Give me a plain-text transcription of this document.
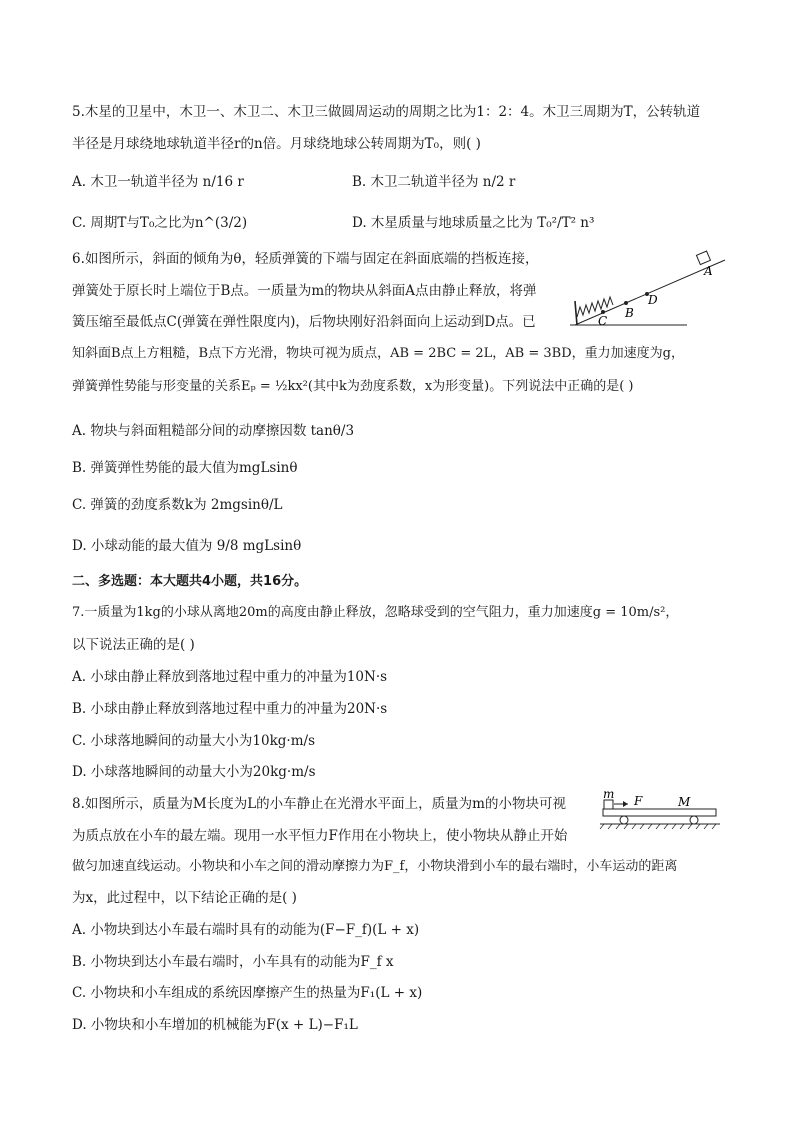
5.木星的卫星中，木卫一、木卫二、木卫三做圆周运动的周期之比为1：2：4。木卫三周期为T，公转轨道
半径是月球绕地球轨道半径r的n倍。月球绕地球公转周期为T₀，则( )
A. 木卫一轨道半径为 n/16 r	B. 木卫二轨道半径为 n/2 r
C. 周期T与T₀之比为n^(3/2)	D. 木星质量与地球质量之比为 T₀²/T² n³
6.如图所示，斜面的倾角为θ，轻质弹簧的下端与固定在斜面底端的挡板连接，
弹簧处于原长时上端位于B点。一质量为m的物块从斜面A点由静止释放，将弹
簧压缩至最低点C(弹簧在弹性限度内)，后物块刚好沿斜面向上运动到D点。已
知斜面B点上方粗糙，B点下方光滑，物块可视为质点，AB = 2BC = 2L，AB = 3BD，重力加速度为g，
弹簧弹性势能与形变量的关系Eₚ = ½kx²(其中k为劲度系数，x为形变量)。下列说法中正确的是( )
C
B
D
A
A. 物块与斜面粗糙部分间的动摩擦因数 tanθ/3
B. 弹簧弹性势能的最大值为mgLsinθ
C. 弹簧的劲度系数k为 2mgsinθ/L
D. 小球动能的最大值为 9/8 mgLsinθ
二、多选题：本大题共4小题，共16分。
7.一质量为1kg的小球从离地20m的高度由静止释放，忽略球受到的空气阻力，重力加速度g = 10m/s²，
以下说法正确的是( )
A. 小球由静止释放到落地过程中重力的冲量为10N·s
B. 小球由静止释放到落地过程中重力的冲量为20N·s
C. 小球落地瞬间的动量大小为10kg·m/s
D. 小球落地瞬间的动量大小为20kg·m/s
8.如图所示，质量为M长度为L的小车静止在光滑水平面上，质量为m的小物块可视
为质点放在小车的最左端。现用一水平恒力F作用在小物块上，使小物块从静止开始
做匀加速直线运动。小物块和小车之间的滑动摩擦力为F_f，小物块滑到小车的最右端时，小车运动的距离
为x，此过程中，以下结论正确的是( )
m F	M
A. 小物块到达小车最右端时具有的动能为(F−F_f)(L + x)
B. 小物块到达小车最右端时，小车具有的动能为F_f x
C. 小物块和小车组成的系统因摩擦产生的热量为F₁(L + x)
D. 小物块和小车增加的机械能为F(x + L)−F₁L
